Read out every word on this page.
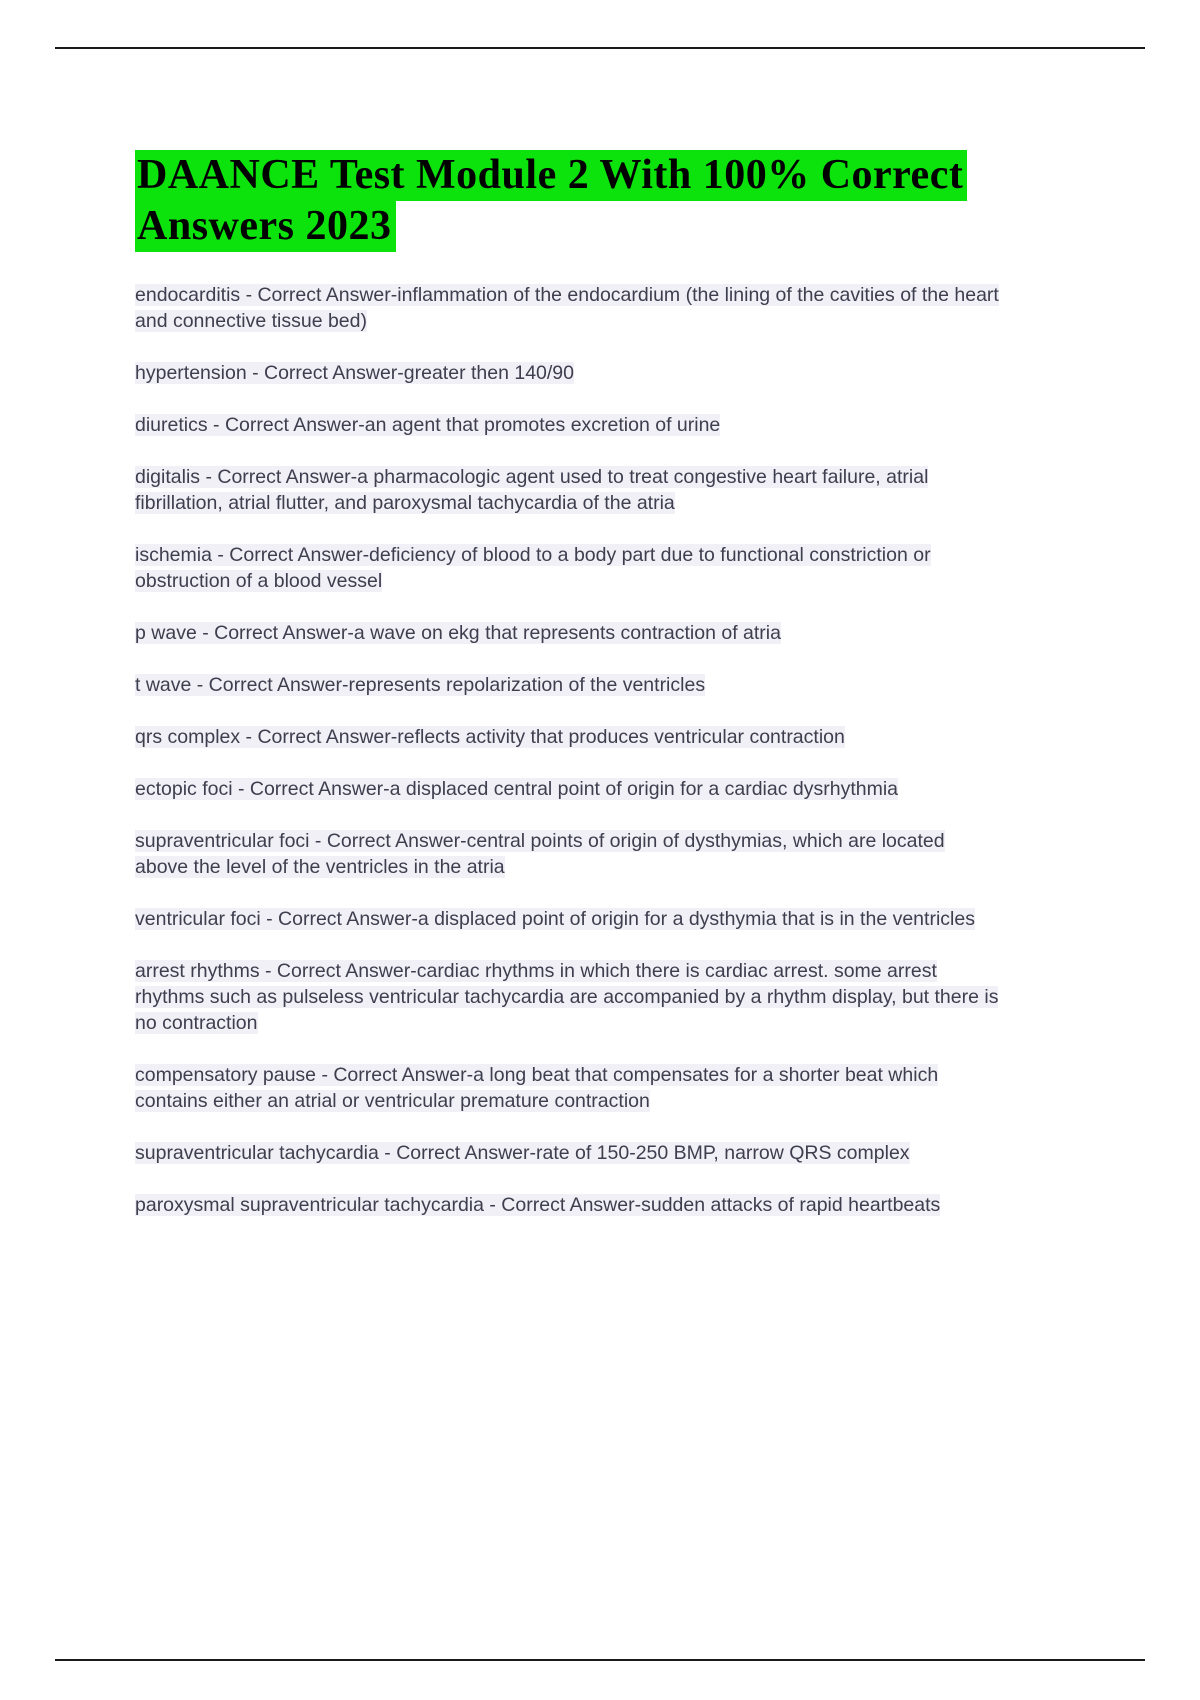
DAANCE Test Module 2 With 100% Correct Answers 2023

endocarditis - Correct Answer-inflammation of the endocardium (the lining of the cavities of the heart and connective tissue bed)

hypertension - Correct Answer-greater then 140/90

diuretics - Correct Answer-an agent that promotes excretion of urine

digitalis - Correct Answer-a pharmacologic agent used to treat congestive heart failure, atrial fibrillation, atrial flutter, and paroxysmal tachycardia of the atria

ischemia - Correct Answer-deficiency of blood to a body part due to functional constriction or obstruction of a blood vessel

p wave - Correct Answer-a wave on ekg that represents contraction of atria

t wave - Correct Answer-represents repolarization of the ventricles

qrs complex - Correct Answer-reflects activity that produces ventricular contraction

ectopic foci - Correct Answer-a displaced central point of origin for a cardiac dysrhythmia

supraventricular foci - Correct Answer-central points of origin of dysthymias, which are located above the level of the ventricles in the atria

ventricular foci - Correct Answer-a displaced point of origin for a dysthymia that is in the ventricles

arrest rhythms - Correct Answer-cardiac rhythms in which there is cardiac arrest. some arrest rhythms such as pulseless ventricular tachycardia are accompanied by a rhythm display, but there is no contraction

compensatory pause - Correct Answer-a long beat that compensates for a shorter beat which contains either an atrial or ventricular premature contraction

supraventricular tachycardia - Correct Answer-rate of 150-250 BMP, narrow QRS complex

paroxysmal supraventricular tachycardia - Correct Answer-sudden attacks of rapid heartbeats
